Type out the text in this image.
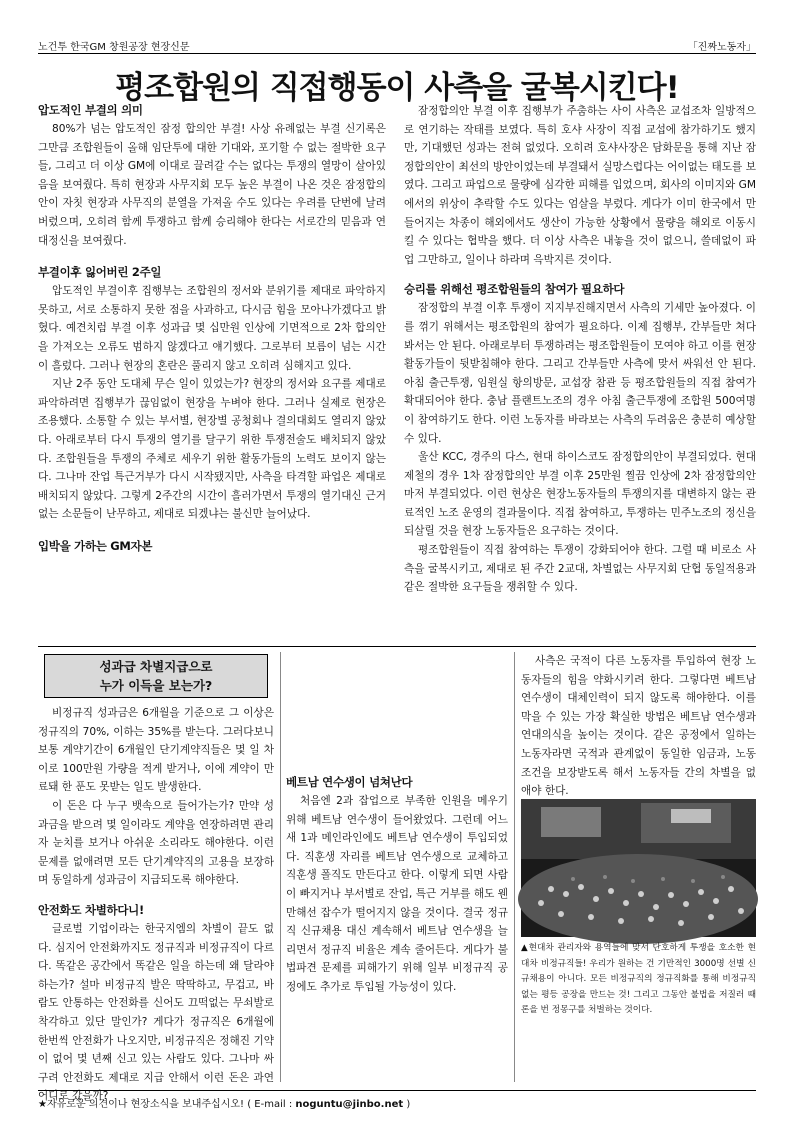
노건투 한국GM 창원공장 현장신문	「진짜노동자」
평조합원의 직접행동이 사측을 굴복시킨다!
압도적인 부결의 의미

80%가 넘는 압도적인 잠정 합의안 부결! 사상 유례없는 부결 신기록은 그만큼 조합원들이 올해 임단투에 대한 기대와, 포기할 수 없는 절박한 요구들, 그리고 더 이상 GM에 이대로 끌려갈 수는 없다는 투쟁의 열망이 살아있음을 보여줬다. 특히 현장과 사무지회 모두 높은 부결이 나온 것은 잠정합의안이 자칫 현장과 사무직의 분열을 가져올 수도 있다는 우려를 단번에 날려버렸으며, 오히려 함께 투쟁하고 함께 승리해야 한다는 서로간의 믿음과 연대정신을 보여줬다.

부결이후 잃어버린 2주일

압도적인 부결이후 집행부는 조합원의 정서와 분위기를 제대로 파악하지 못하고, 서로 소통하지 못한 점을 사과하고, 다시금 힘을 모아나가겠다고 밝혔다. 예견치럼 부결 이후 성과급 몇 십만원 인상에 기면적으로 2차 합의안을 가져오는 오류도 범하지 않겠다고 얘기했다. 그로부터 보름이 넘는 시간이 흘렀다. 그러나 현장의 혼란은 풀리지 않고 오히려 심해지고 있다.

지난 2주 동안 도대체 무슨 일이 있었는가? 현장의 정서와 요구를 제대로 파악하려면 집행부가 끊임없이 현장을 누벼야 한다. 그러나 실제로 현장은 조용했다. 소통할 수 있는 부서별, 현장별 공청회나 결의대회도 열리지 않았다. 아래로부터 다시 투쟁의 열기를 달구기 위한 투쟁전술도 배치되지 않았다. 조합원들을 투쟁의 주체로 세우기 위한 활동가들의 노력도 보이지 않는다. 그나마 잔업 특근거부가 다시 시작됐지만, 사측을 타격할 파업은 제대로 배치되지 않았다. 그렇게 2주간의 시간이 흘러가면서 투쟁의 열기대신 근거없는 소문들이 난무하고, 제대로 되겠냐는 불신만 늘어났다.

입박을 가하는 GM자본

잠정합의안 부결 이후 집행부가 주춤하는 사이 사측은 교섭조차 일방적으로 연기하는 작태를 보였다. 특히 호샤 사장이 직접 교섭에 참가하기도 했지만, 기대했던 성과는 전혀 없었다. 오히려 호샤사장은 담화문을 통해 지난 잠정합의안이 최선의 방안이었는데 부결돼서 실망스럽다는 어이없는 태도를 보였다. 그리고 파업으로 물량에 심각한 피해를 입었으며, 회사의 이미지와 GM에서의 위상이 추락할 수도 있다는 엄살을 부렸다. 게다가 이미 한국에서 만들어지는 차종이 해외에서도 생산이 가능한 상황에서 물량을 해외로 이동시킬 수 있다는 협박을 했다. 더 이상 사측은 내놓을 것이 없으니, 쓸데없이 파업 그만하고, 일이나 하라며 윽박지른 것이다.

승리를 위해선 평조합원들의 참여가 필요하다

잠정합의 부결 이후 투쟁이 지지부진해지면서 사측의 기세만 높아졌다. 이를 꺾기 위해서는 평조합원의 참여가 필요하다. 이제 집행부, 간부들만 쳐다봐서는 안 된다. 아래로부터 투쟁하려는 평조합원들이 모여야 하고 이를 현장활동가들이 뒷받침해야 한다. 그리고 간부들만 사측에 맞서 싸워선 안 된다. 아침 출근투쟁, 임원실 항의방문, 교섭장 참관 등 평조합원들의 직접 참여가 확대되어야 한다. 충남 플랜트노조의 경우 아침 출근투쟁에 조합원 500여명이 참여하기도 한다. 이런 노동자를 바라보는 사측의 두려움은 충분히 예상할 수 있다.

울산 KCC, 경주의 다스, 현대 하이스코도 잠정합의안이 부결되었다. 현대제철의 경우 1차 잠정합의안 부결 이후 25만원 찔끔 인상에 2차 잠정합의안마저 부결되었다. 이런 현상은 현장노동자들의 투쟁의지를 대변하지 않는 관료적인 노조 운영의 결과물이다. 직접 참여하고, 투쟁하는 민주노조의 정신을 되살릴 것을 현장 노동자들은 요구하는 것이다.

평조합원들이 직접 참여하는 투쟁이 강화되어야 한다. 그럴 때 비로소 사측을 굴복시키고, 제대로 된 주간 2교대, 차별없는 사무지회 단협 동일적용과 같은 절박한 요구들을 쟁취할 수 있다.

성과급 차별지급으로
누가 이득을 보는가?

비정규직 성과금은 6개월을 기준으로 그 이상은 정규직의 70%, 이하는 35%를 받는다. 그러다보니 보통 계약기간이 6개월인 단기계약직들은 몇 일 차이로 100만원 가량을 적게 받거나, 이에 계약이 만료돼 한 푼도 못받는 일도 발생한다.

이 돈은 다 누구 뱃속으로 들어가는가? 만약 성과금을 받으려 몇 일이라도 계약을 연장하려면 관리자 눈치를 보거나 아쉬운 소리라도 해야한다. 이런 문제를 없애려면 모든 단기계약직의 고용을 보장하며 동일하게 성과금이 지급되도록 해야한다.

안전화도 차별하다니!

글로벌 기업이라는 한국지엠의 차별이 끝도 없다. 심지어 안전화까지도 정규직과 비정규직이 다르다. 똑같은 공간에서 똑같은 일을 하는데 왜 달라야 하는가? 설마 비정규직 발은 딱딱하고, 무겁고, 바람도 안통하는 안전화를 신어도 끄떡없는 무쇠발로 착각하고 있단 말인가? 게다가 정규직은 6개월에 한번씩 안전화가 나오지만, 비정규직은 정해진 기약이 없어 몇 년째 신고 있는 사람도 있다. 그나마 싸구려 안전화도 제대로 지급 안해서 이런 돈은 과연 어디로 갔을까?

베트남 연수생이 넘쳐난다

처음엔 2과 잡업으로 부족한 인원을 메우기 위해 베트남 연수생이 들어왔었다. 그런데 어느새 1과 메인라인에도 베트남 연수생이 투입되었다. 직훈생 자리를 베트남 연수생으로 교체하고 직훈생 폴직도 만든다고 한다. 이렇게 되면 사람이 빠지거나 부서별로 잔업, 특근 거부를 해도 웬만해선 잡수가 떨어지지 않을 것이다. 결국 정규직 신규채용 대신 계속해서 베트남 연수생을 늘리면서 정규직 비율은 계속 줄어든다. 게다가 불법파견 문제를 피해가기 위해 일부 비정규직 공정에도 추가로 투입될 가능성이 있다.

사측은 국적이 다른 노동자를 투입하여 현장 노동자들의 힘을 약화시키려 한다. 그렇다면 베트남 연수생이 대체인력이 되지 않도록 해야한다. 이를 막을 수 있는 가장 확실한 방법은 베트남 연수생과 연대의식을 높이는 것이다. 같은 공정에서 일하는 노동자라면 국적과 관계없이 동일한 임금과, 노동조건을 보장받도록 해서 노동자들 간의 차별을 없애야 한다.

▲현대차 관리자와 용역들에 맞서 단호하게 투쟁을 호소한 현대차 비정규직들! 우리가 원하는 건 기만적인 3000명 선별 신규채용이 아니다. 모든 비정규직의 정규직화를 통해 비정규직 없는 평등 공장을 만드는 것! 그리고 그동안 불법을 저질러 때론을 번 정몽구를 처벌하는 것이다.
★자유로운 의견이나 현장소식을 보내주십시오! ( E-mail : noguntu@jinbo.net )
